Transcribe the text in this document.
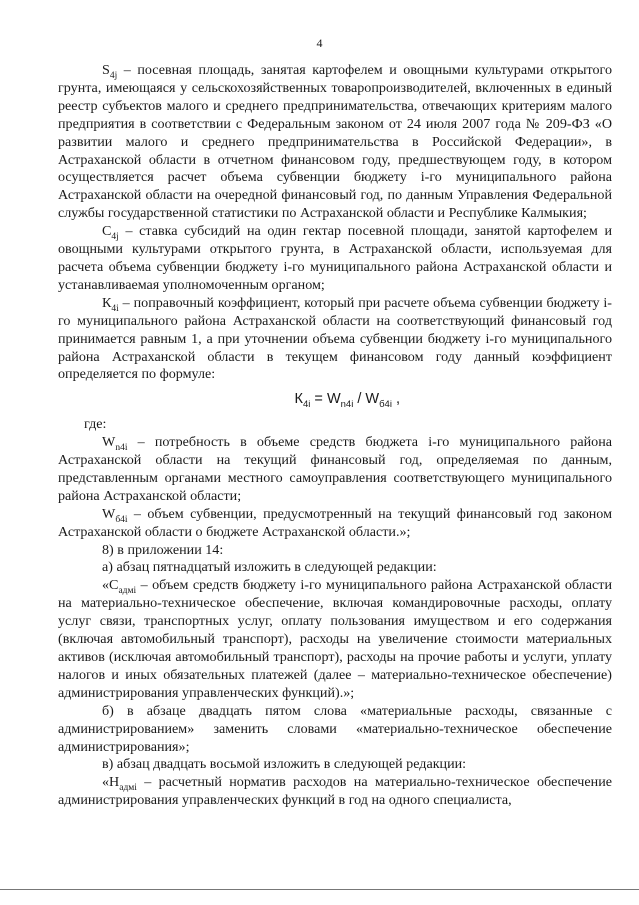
4

$S_{4j}$ – посевная площадь, занятая картофелем и овощными культурами открытого грунта, имеющаяся у сельскохозяйственных товаропроизводителей, включенных в единый реестр субъектов малого и среднего предпринимательства, отвечающих критериям малого предприятия в соответствии с Федеральным законом от 24 июля 2007 года № 209-ФЗ «О развитии малого и среднего предпринимательства в Российской Федерации», в Астраханской области в отчетном финансовом году, предшествующем году, в котором осуществляется расчет объема субвенции бюджету i-го муниципального района Астраханской области на очередной финансовый год, по данным Управления Федеральной службы государственной статистики по Астраханской области и Республике Калмыкия;

$С_{4j}$ – ставка субсидий на один гектар посевной площади, занятой картофелем и овощными культурами открытого грунта, в Астраханской области, используемая для расчета объема субвенции бюджету i-го муниципального района Астраханской области и устанавливаемая уполномоченным органом;

$К_{4i}$ – поправочный коэффициент, который при расчете объема субвенции бюджету i-го муниципального района Астраханской области на соответствующий финансовый год принимается равным 1, а при уточнении объема субвенции бюджету i-го муниципального района Астраханской области в текущем финансовом году данный коэффициент определяется по формуле:

$К_{4i} = W_{n4i} / W_{б4i}$ ,

где:

$W_{n4i}$ – потребность в объеме средств бюджета i-го муниципального района Астраханской области на текущий финансовый год, определяемая по данным, представленным органами местного самоуправления соответствующего муниципального района Астраханской области;

$W_{б4i}$ – объем субвенции, предусмотренный на текущий финансовый год законом Астраханской области о бюджете Астраханской области.»;

8) в приложении 14:

а) абзац пятнадцатый изложить в следующей редакции:

«$С_{адмi}$ – объем средств бюджету i-го муниципального района Астраханской области на материально-техническое обеспечение, включая командировочные расходы, оплату услуг связи, транспортных услуг, оплату пользования имуществом и его содержания (включая автомобильный транспорт), расходы на увеличение стоимости материальных активов (исключая автомобильный транспорт), расходы на прочие работы и услуги, уплату налогов и иных обязательных платежей (далее – материально-техническое обеспечение) администрирования управленческих функций).»;

б) в абзаце двадцать пятом слова «материальные расходы, связанные с администрированием» заменить словами «материально-техническое обеспечение администрирования»;

в) абзац двадцать восьмой изложить в следующей редакции:

«$Н_{адмi}$ – расчетный норматив расходов на материально-техническое обеспечение администрирования управленческих функций в год на одного специалиста,
